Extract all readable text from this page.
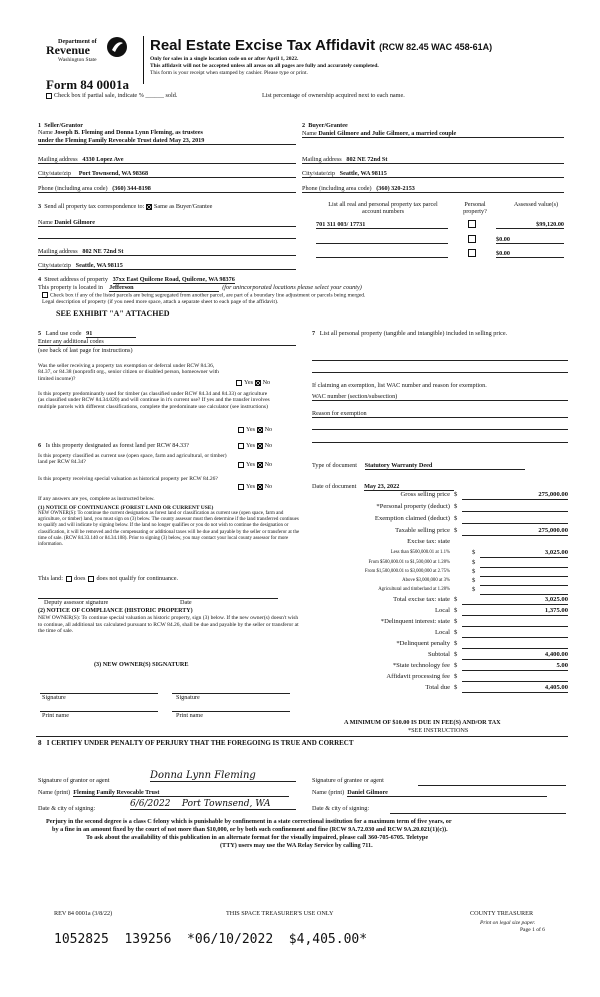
Department of
Revenue
Washington State
Form 84 0001a
Check box if partial sale, indicate % ______ sold.
Real Estate Excise Tax Affidavit (RCW 82.45 WAC 458-61A)
Only for sales in a single location code on or after April 1, 2022.
This affidavit will not be accepted unless all areas on all pages are fully and accurately completed.
This form is your receipt when stamped by cashier. Please type or print.
List percentage of ownership acquired next to each name.
1  Seller/Grantor
Name Joseph B. Fleming and Donna Lynn Fleming, as trustees
under the Fleming Family Revocable Trust dated May 23, 2019
Mailing address 4330 Lopez Ave
City/state/zip Port Townsend, WA 98368
Phone (including area code) (360) 344-8198
2  Buyer/Grantee
Name Daniel Gilmore and Julie Gilmore, a married couple
Mailing address 802 NE 72nd St
City/state/zip Seattle, WA 98115
Phone (including area code) (360) 320-2153
3 Send all property tax correspondence to: Same as Buyer/Grantee
Name Daniel Gilmore
Mailing address 802 NE 72nd St
City/state/zip Seattle, WA 98115
List all real and personal property tax parcel account numbers
Personal property?
Assessed value(s)
701 311 003/ 17731	$99,120.00
$0.00
$0.00
4 Street address of property 37xx East Quilcene Road, Quilcene, WA 98376
This property is located in Jefferson	(for unincorporated locations please select your county)
Check box if any of the listed parcels are being segregated from another parcel, are part of a boundary line adjustment or parcels being merged.
Legal description of property (if you need more space, attach a separate sheet to each page of the affidavit).
SEE EXHIBIT "A" ATTACHED
5 Land use code 91
Enter any additional codes
(see back of last page for instructions)
Was the seller receiving a property tax exemption or deferral under RCW 84.36, 84.37, or 84.38 (nonprofit org., senior citizen or disabled person, homeowner with limited income)?
Yes No
Is this property predominantly used for timber (as classified under RCW 84.34 and 84.33) or agriculture (as classified under RCW 84.34.020) and will continue in it's current use? If yes and the transfer involves multiple parcels with different classifications, complete the predominate use calculator (see instructions)
Yes No
6 Is this property designated as forest land per RCW 84.33?	Yes No
Is this property classified as current use (open space, farm and agricultural, or timber) land per RCW 84.34?	Yes No
Is this property receiving special valuation as historical property per RCW 84.26?
Yes No
If any answers are yes, complete as instructed below.
(1) NOTICE OF CONTINUANCE (FOREST LAND OR CURRENT USE)
NEW OWNER(S): To continue the current designation as forest land or classification as current use (open space, farm and agriculture, or timber) land, you must sign on (3) below. The county assessor must then determine if the land transferred continues to qualify and will indicate by signing below. If the land no longer qualifies or you do not wish to continue the designation or classification, it will be removed and the compensating or additional taxes will be due and payable by the seller or transferor at the time of sale. (RCW 84.33.140 or 84.34.108). Prior to signing (3) below, you may contact your local county assessor for more information.
This land: does does not qualify for continuance.
Deputy assessor signature	Date
(2) NOTICE OF COMPLIANCE (HISTORIC PROPERTY)
NEW OWNER(S): To continue special valuation as historic property, sign (3) below. If the new owner(s) doesn't wish to continue, all additional tax calculated pursuant to RCW 84.26, shall be due and payable by the seller or transferor at the time of sale.
(3) NEW OWNER(S) SIGNATURE
Signature	Signature
Print name	Print name
7 List all personal property (tangible and intangible) included in selling price.
If claiming an exemption, list WAC number and reason for exemption.
WAC number (section/subsection)
Reason for exemption
Type of document Statutory Warranty Deed
Date of document May 23, 2022
Gross selling price $	275,000.00
*Personal property (deduct) $
Exemption claimed (deduct) $
Taxable selling price $	275,000.00
Excise tax: state
Less than $500,000.01 at 1.1%	$	3,025.00
From $500,000.01 to $1,500,000 at 1.28%	$
From $1,500,000.01 to $3,000,000 at 2.75%	$
Above $3,000,000 at 3%	$
Agricultural and timberland at 1.28%	$
Total excise tax: state $	3,025.00
Local $	1,375.00
*Delinquent interest: state $
Local $
*Delinquent penalty $
Subtotal $	4,400.00
*State technology fee $	5.00
Affidavit processing fee $
Total due $	4,405.00
A MINIMUM OF $10.00 IS DUE IN FEE(S) AND/OR TAX
*SEE INSTRUCTIONS
8   I CERTIFY UNDER PENALTY OF PERJURY THAT THE FOREGOING IS TRUE AND CORRECT
Signature of grantor or agent	Donna Lynn Fleming
Name (print) Fleming Family Revocable Trust
Date & city of signing:	6/6/2022 Port Townsend, WA
Signature of grantee or agent
Name (print) Daniel Gilmore
Date & city of signing:
Perjury in the second degree is a class C felony which is punishable by confinement in a state correctional institution for a maximum term of five years, or
by a fine in an amount fixed by the court of not more than $10,000, or by both such confinement and fine (RCW 9A.72.030 and RCW 9A.20.021(1)(c)).
To ask about the availability of this publication in an alternate format for the visually impaired, please call 360-705-6705. Teletype
(TTY) users may use the WA Relay Service by calling 711.
REV 84 0001a (3/8/22)	THIS SPACE TREASURER'S USE ONLY	COUNTY TREASURER
Print on legal size paper.
Page 1 of 6
1052825  139256  *06/10/2022  $4,405.00*
